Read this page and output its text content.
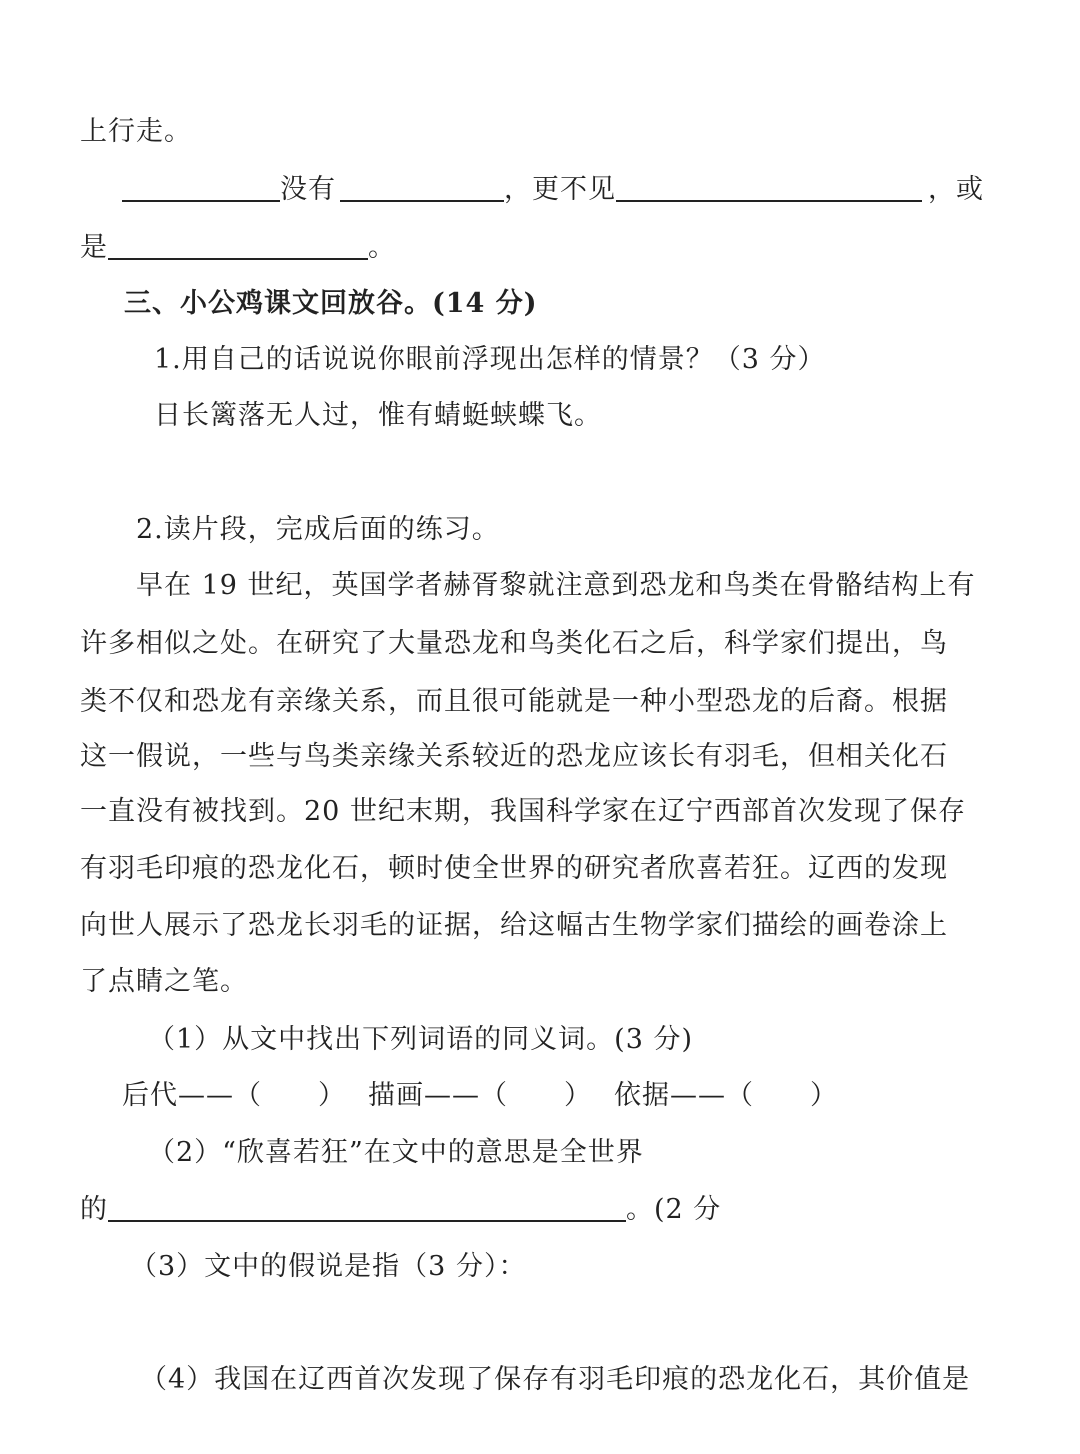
上行走。
没有	，更不见	，或
是	。
三、小公鸡课文回放谷。(14 分)
1.用自己的话说说你眼前浮现出怎样的情景？（3 分）
日长篱落无人过，惟有蜻蜓蛱蝶飞。
2.读片段，完成后面的练习。
早在 19 世纪，英国学者赫胥黎就注意到恐龙和鸟类在骨骼结构上有
许多相似之处。在研究了大量恐龙和鸟类化石之后，科学家们提出，鸟
类不仅和恐龙有亲缘关系，而且很可能就是一种小型恐龙的后裔。根据
这一假说，一些与鸟类亲缘关系较近的恐龙应该长有羽毛，但相关化石
一直没有被找到。20 世纪末期，我国科学家在辽宁西部首次发现了保存
有羽毛印痕的恐龙化石，顿时使全世界的研究者欣喜若狂。辽西的发现
向世人展示了恐龙长羽毛的证据，给这幅古生物学家们描绘的画卷涂上
了点睛之笔。
（1）从文中找出下列词语的同义词。(3 分)
后代——（　　） 描画——（　　） 依据——（　　）
（2）“欣喜若狂”在文中的意思是全世界
的	。(2 分
（3）文中的假说是指（3 分）：
（4）我国在辽西首次发现了保存有羽毛印痕的恐龙化石，其价值是
